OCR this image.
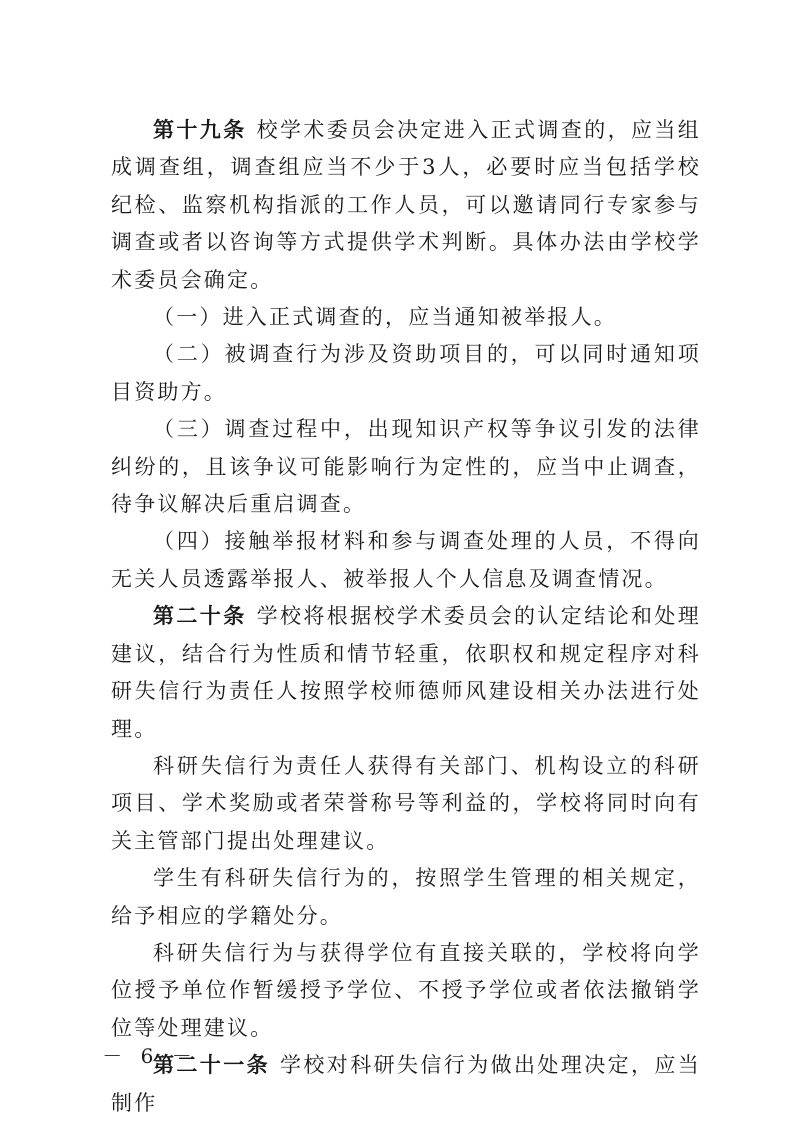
第十九条 校学术委员会决定进入正式调查的，应当组成调查组，调查组应当不少于3人，必要时应当包括学校纪检、监察机构指派的工作人员，可以邀请同行专家参与调查或者以咨询等方式提供学术判断。具体办法由学校学术委员会确定。

（一）进入正式调查的，应当通知被举报人。

（二）被调查行为涉及资助项目的，可以同时通知项目资助方。

（三）调查过程中，出现知识产权等争议引发的法律纠纷的，且该争议可能影响行为定性的，应当中止调查，待争议解决后重启调查。

（四）接触举报材料和参与调查处理的人员，不得向无关人员透露举报人、被举报人个人信息及调查情况。

第二十条 学校将根据校学术委员会的认定结论和处理建议，结合行为性质和情节轻重，依职权和规定程序对科研失信行为责任人按照学校师德师风建设相关办法进行处理。

科研失信行为责任人获得有关部门、机构设立的科研项目、学术奖励或者荣誉称号等利益的，学校将同时向有关主管部门提出处理建议。

学生有科研失信行为的，按照学生管理的相关规定，给予相应的学籍处分。

科研失信行为与获得学位有直接关联的，学校将向学位授予单位作暂缓授予学位、不授予学位或者依法撤销学位等处理建议。

第二十一条 学校对科研失信行为做出处理决定，应当制作

－ 6 －
